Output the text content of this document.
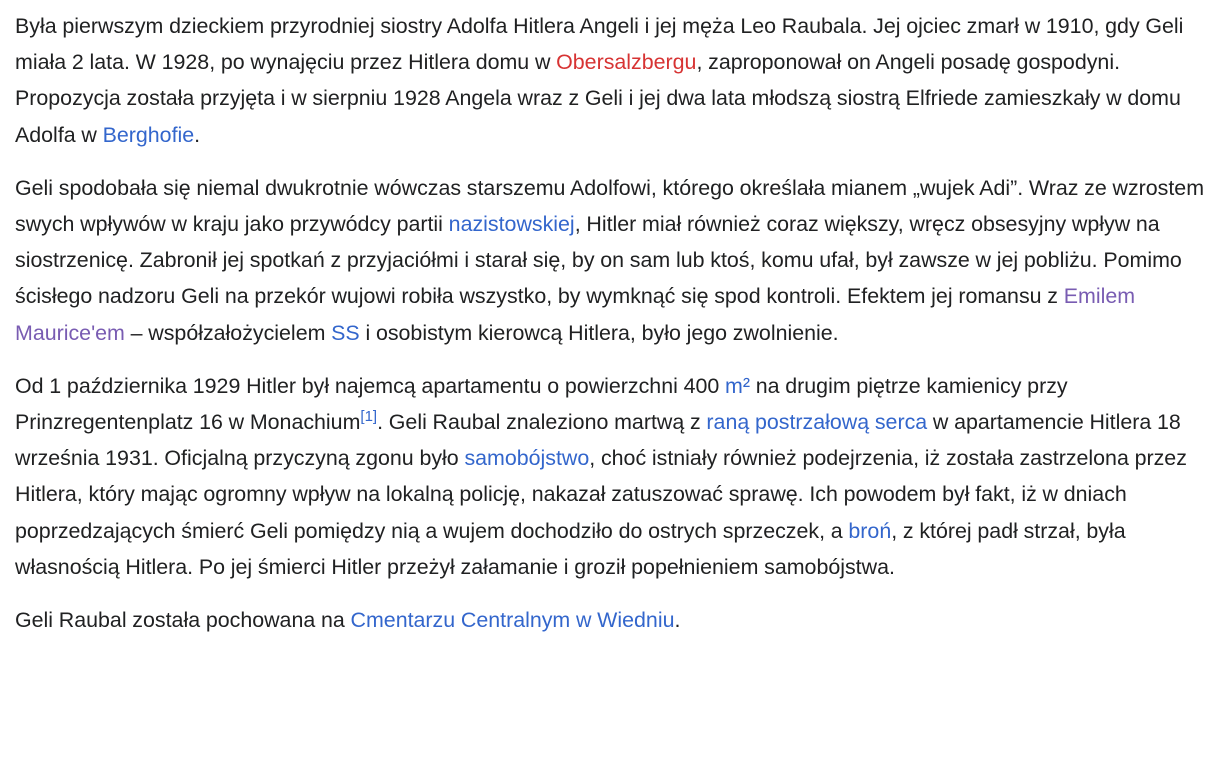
Była pierwszym dzieckiem przyrodniej siostry Adolfa Hitlera Angeli i jej męża Leo Raubala. Jej ojciec zmarł w 1910, gdy Geli miała 2 lata. W 1928, po wynajęciu przez Hitlera domu w Obersalzbergu, zaproponował on Angeli posadę gospodyni. Propozycja została przyjęta i w sierpniu 1928 Angela wraz z Geli i jej dwa lata młodszą siostrą Elfriede zamieszkały w domu Adolfa w Berghofie.

Geli spodobała się niemal dwukrotnie wówczas starszemu Adolfowi, którego określała mianem „wujek Adi”. Wraz ze wzrostem swych wpływów w kraju jako przywódcy partii nazistowskiej, Hitler miał również coraz większy, wręcz obsesyjny wpływ na siostrzenicę. Zabronił jej spotkań z przyjaciółmi i starał się, by on sam lub ktoś, komu ufał, był zawsze w jej pobliżu. Pomimo ścisłego nadzoru Geli na przekór wujowi robiła wszystko, by wymknąć się spod kontroli. Efektem jej romansu z Emilem Maurice'em – współzałożycielem SS i osobistym kierowcą Hitlera, było jego zwolnienie.

Od 1 października 1929 Hitler był najemcą apartamentu o powierzchni 400 m² na drugim piętrze kamienicy przy Prinzregentenplatz 16 w Monachium[1]. Geli Raubal znaleziono martwą z raną postrzałową serca w apartamencie Hitlera 18 września 1931. Oficjalną przyczyną zgonu było samobójstwo, choć istniały również podejrzenia, iż została zastrzelona przez Hitlera, który mając ogromny wpływ na lokalną policję, nakazał zatuszować sprawę. Ich powodem był fakt, iż w dniach poprzedzających śmierć Geli pomiędzy nią a wujem dochodziło do ostrych sprzeczek, a broń, z której padł strzał, była własnością Hitlera. Po jej śmierci Hitler przeżył załamanie i groził popełnieniem samobójstwa.

Geli Raubal została pochowana na Cmentarzu Centralnym w Wiedniu.
